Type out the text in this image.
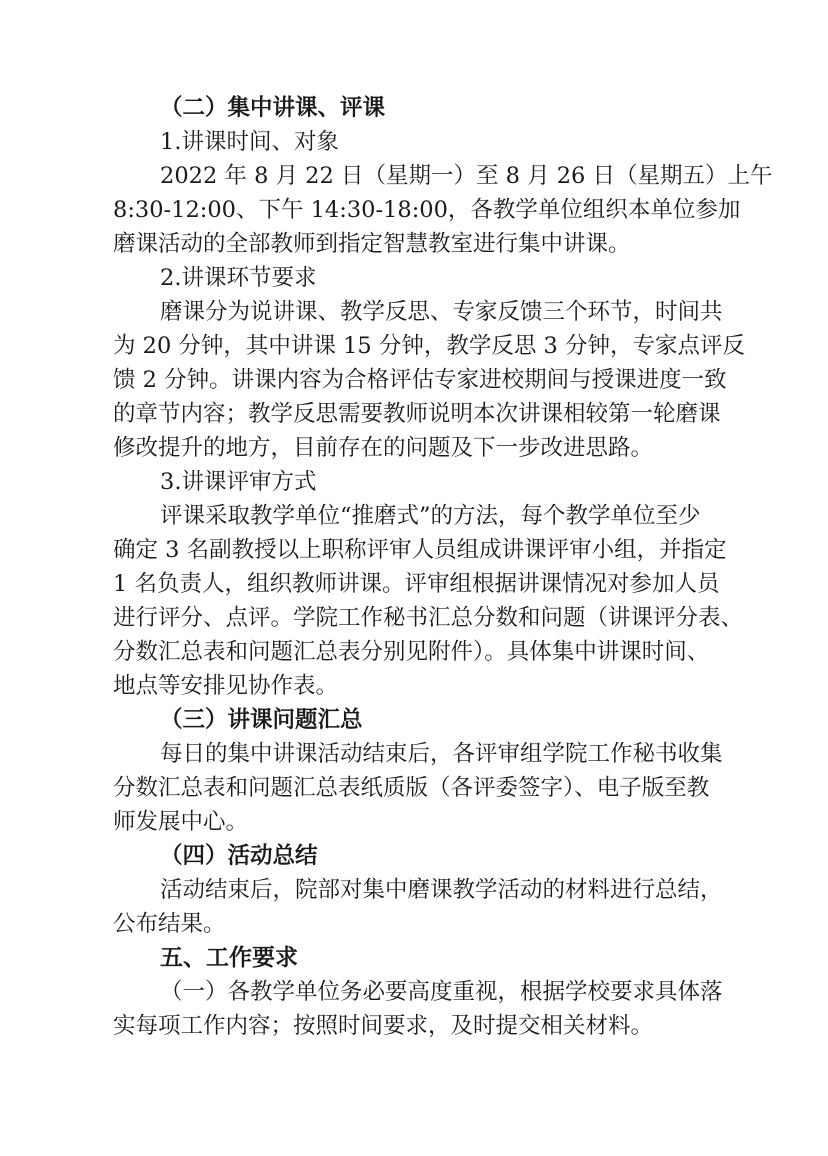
（二）集中讲课、评课

1.讲课时间、对象

2022 年 8 月 22 日（星期一）至 8 月 26 日（星期五）上午

8:30-12:00、下午 14:30-18:00，各教学单位组织本单位参加

磨课活动的全部教师到指定智慧教室进行集中讲课。

2.讲课环节要求

磨课分为说讲课、教学反思、专家反馈三个环节，时间共

为 20 分钟，其中讲课 15 分钟，教学反思 3 分钟，专家点评反

馈 2 分钟。讲课内容为合格评估专家进校期间与授课进度一致

的章节内容；教学反思需要教师说明本次讲课相较第一轮磨课

修改提升的地方，目前存在的问题及下一步改进思路。

3.讲课评审方式

评课采取教学单位“推磨式”的方法，每个教学单位至少

确定 3 名副教授以上职称评审人员组成讲课评审小组，并指定

1 名负责人，组织教师讲课。评审组根据讲课情况对参加人员

进行评分、点评。学院工作秘书汇总分数和问题（讲课评分表、

分数汇总表和问题汇总表分别见附件）。具体集中讲课时间、

地点等安排见协作表。

（三）讲课问题汇总

每日的集中讲课活动结束后，各评审组学院工作秘书收集

分数汇总表和问题汇总表纸质版（各评委签字）、电子版至教

师发展中心。

（四）活动总结

活动结束后，院部对集中磨课教学活动的材料进行总结，

公布结果。

五、工作要求

（一）各教学单位务必要高度重视，根据学校要求具体落

实每项工作内容；按照时间要求，及时提交相关材料。
